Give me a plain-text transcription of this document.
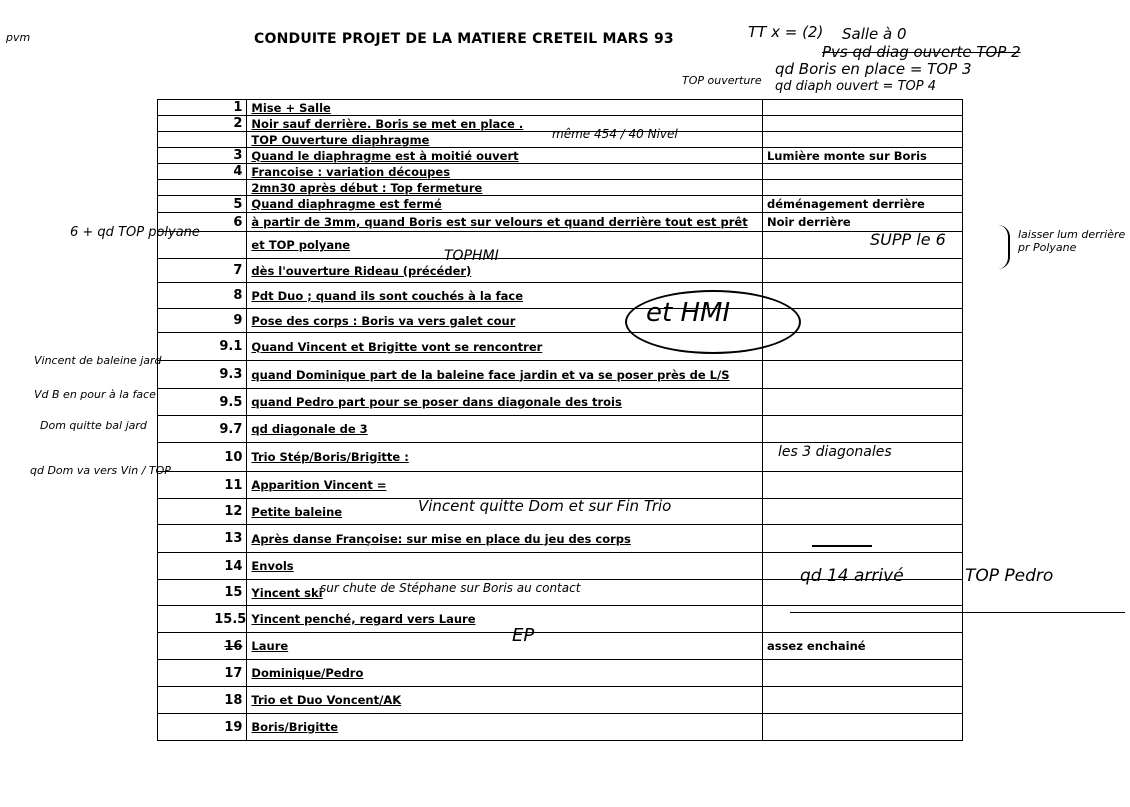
CONDUITE PROJET DE LA MATIERE CRETEIL MARS 93	TT x = (2) Salle à 0
Pvs qd diag ouverte TOP 2
qd Boris en place = TOP 3
qd diaph ouvert = TOP 4
TOP ouverture
pvm
6 + qd TOP polyane
Vincent de baleine jard
Vd B en pour à la face
Dom quitte bal jard
qd Dom va vers Vin / TOP
	1	Mise + Salle	
	2	Noir sauf derrière. Boris se met en place .	
		TOP Ouverture diaphragme	
	3	Quand le diaphragme est à moitié ouvert	Lumière monte sur Boris
	4	Francoise : variation découpes	
		2mn30 après début : Top fermeture	
	5	Quand diaphragme est fermé	déménagement derrière
	6	à partir de 3mm, quand Boris est sur velours et quand derrière tout est prêt	Noir derrière
		et TOP polyane	
	7	dès l'ouverture Rideau (précéder)	
	8	Pdt Duo ; quand ils sont couchés à la face	
	9	Pose des corps : Boris va vers galet cour	
	9.1	Quand Vincent et Brigitte vont se rencontrer	
	9.3	quand Dominique part de la baleine face jardin et va se poser près de L/S	
	9.5	quand Pedro part pour se poser dans diagonale des trois	
	9.7	qd diagonale de 3	
	10	Trio Stép/Boris/Brigitte :	
	11	Apparition Vincent =	
	12	Petite baleine	
	13	Après danse Françoise: sur mise en place du jeu des corps	
	14	Envols	
	15	Yincent ski	
	15.5	Yincent penché, regard vers Laure	
	16	Laure	assez enchainé
	17	Dominique/Pedro	
	18	Trio et Duo Voncent/AK	
	19	Boris/Brigitte	
même 454 / 40 Nivel
TOPHMI
et HMI
SUPP le 6	laisser lum derrière pr Polyane
les 3 diagonales
Vincent quitte Dom et sur Fin Trio
sur chute de Stéphane sur Boris au contact
qd 14 arrivé	TOP Pedro
EP
